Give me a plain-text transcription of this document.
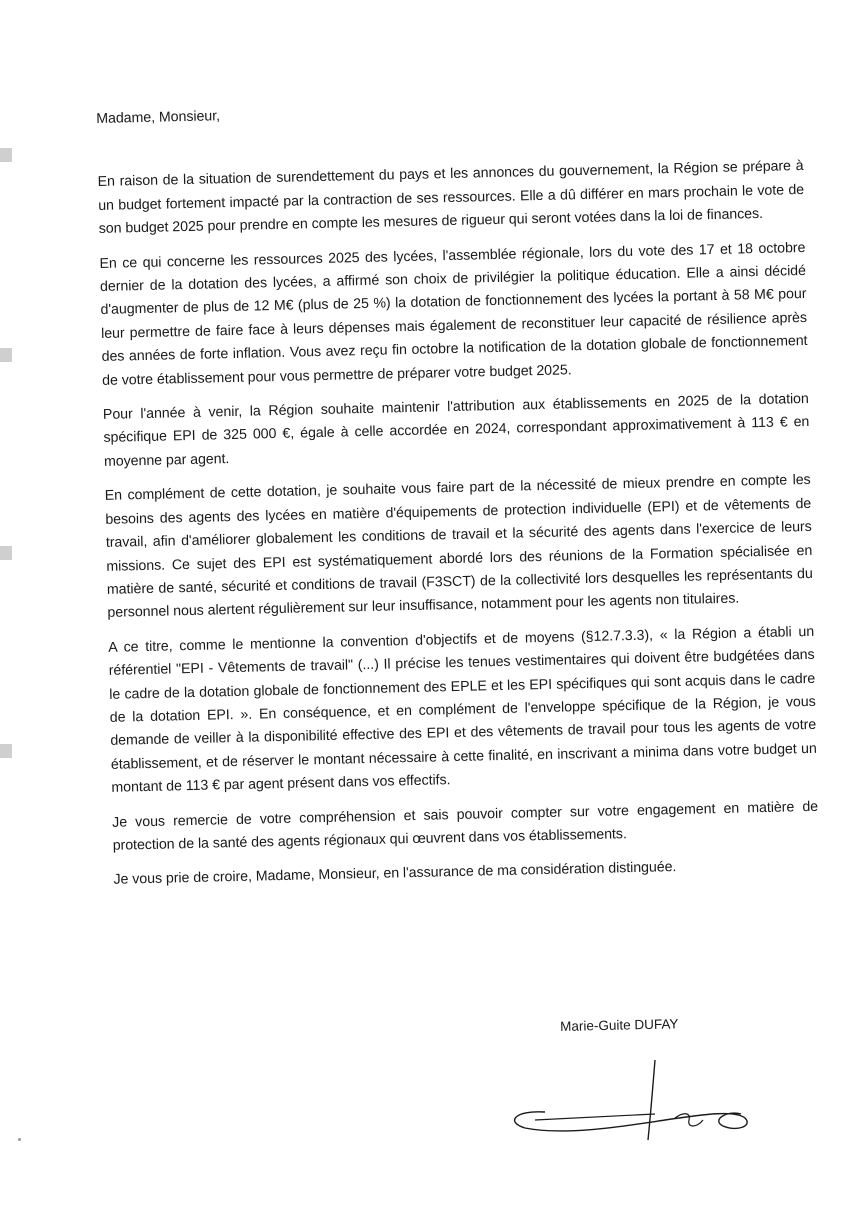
Madame, Monsieur,

En raison de la situation de surendettement du pays et les annonces du gouvernement, la Région se prépare à un budget fortement impacté par la contraction de ses ressources. Elle a dû différer en mars prochain le vote de son budget 2025 pour prendre en compte les mesures de rigueur qui seront votées dans la loi de finances.

En ce qui concerne les ressources 2025 des lycées, l'assemblée régionale, lors du vote des 17 et 18 octobre dernier de la dotation des lycées, a affirmé son choix de privilégier la politique éducation. Elle a ainsi décidé d'augmenter de plus de 12 M€ (plus de 25 %) la dotation de fonctionnement des lycées la portant à 58 M€ pour leur permettre de faire face à leurs dépenses mais également de reconstituer leur capacité de résilience après des années de forte inflation. Vous avez reçu fin octobre la notification de la dotation globale de fonctionnement de votre établissement pour vous permettre de préparer votre budget 2025.

Pour l'année à venir, la Région souhaite maintenir l'attribution aux établissements en 2025 de la dotation spécifique EPI de 325 000 €, égale à celle accordée en 2024, correspondant approximativement à 113 € en moyenne par agent.

En complément de cette dotation, je souhaite vous faire part de la nécessité de mieux prendre en compte les besoins des agents des lycées en matière d'équipements de protection individuelle (EPI) et de vêtements de travail, afin d'améliorer globalement les conditions de travail et la sécurité des agents dans l'exercice de leurs missions. Ce sujet des EPI est systématiquement abordé lors des réunions de la Formation spécialisée en matière de santé, sécurité et conditions de travail (F3SCT) de la collectivité lors desquelles les représentants du personnel nous alertent régulièrement sur leur insuffisance, notamment pour les agents non titulaires.

A ce titre, comme le mentionne la convention d'objectifs et de moyens (§12.7.3.3), « la Région a établi un référentiel "EPI - Vêtements de travail" (...) Il précise les tenues vestimentaires qui doivent être budgétées dans le cadre de la dotation globale de fonctionnement des EPLE et les EPI spécifiques qui sont acquis dans le cadre de la dotation EPI. ». En conséquence, et en complément de l'enveloppe spécifique de la Région, je vous demande de veiller à la disponibilité effective des EPI et des vêtements de travail pour tous les agents de votre établissement, et de réserver le montant nécessaire à cette finalité, en inscrivant a minima dans votre budget un montant de 113 € par agent présent dans vos effectifs.

Je vous remercie de votre compréhension et sais pouvoir compter sur votre engagement en matière de protection de la santé des agents régionaux qui œuvrent dans vos établissements.

Je vous prie de croire, Madame, Monsieur, en l'assurance de ma considération distinguée.

Marie-Guite DUFAY
